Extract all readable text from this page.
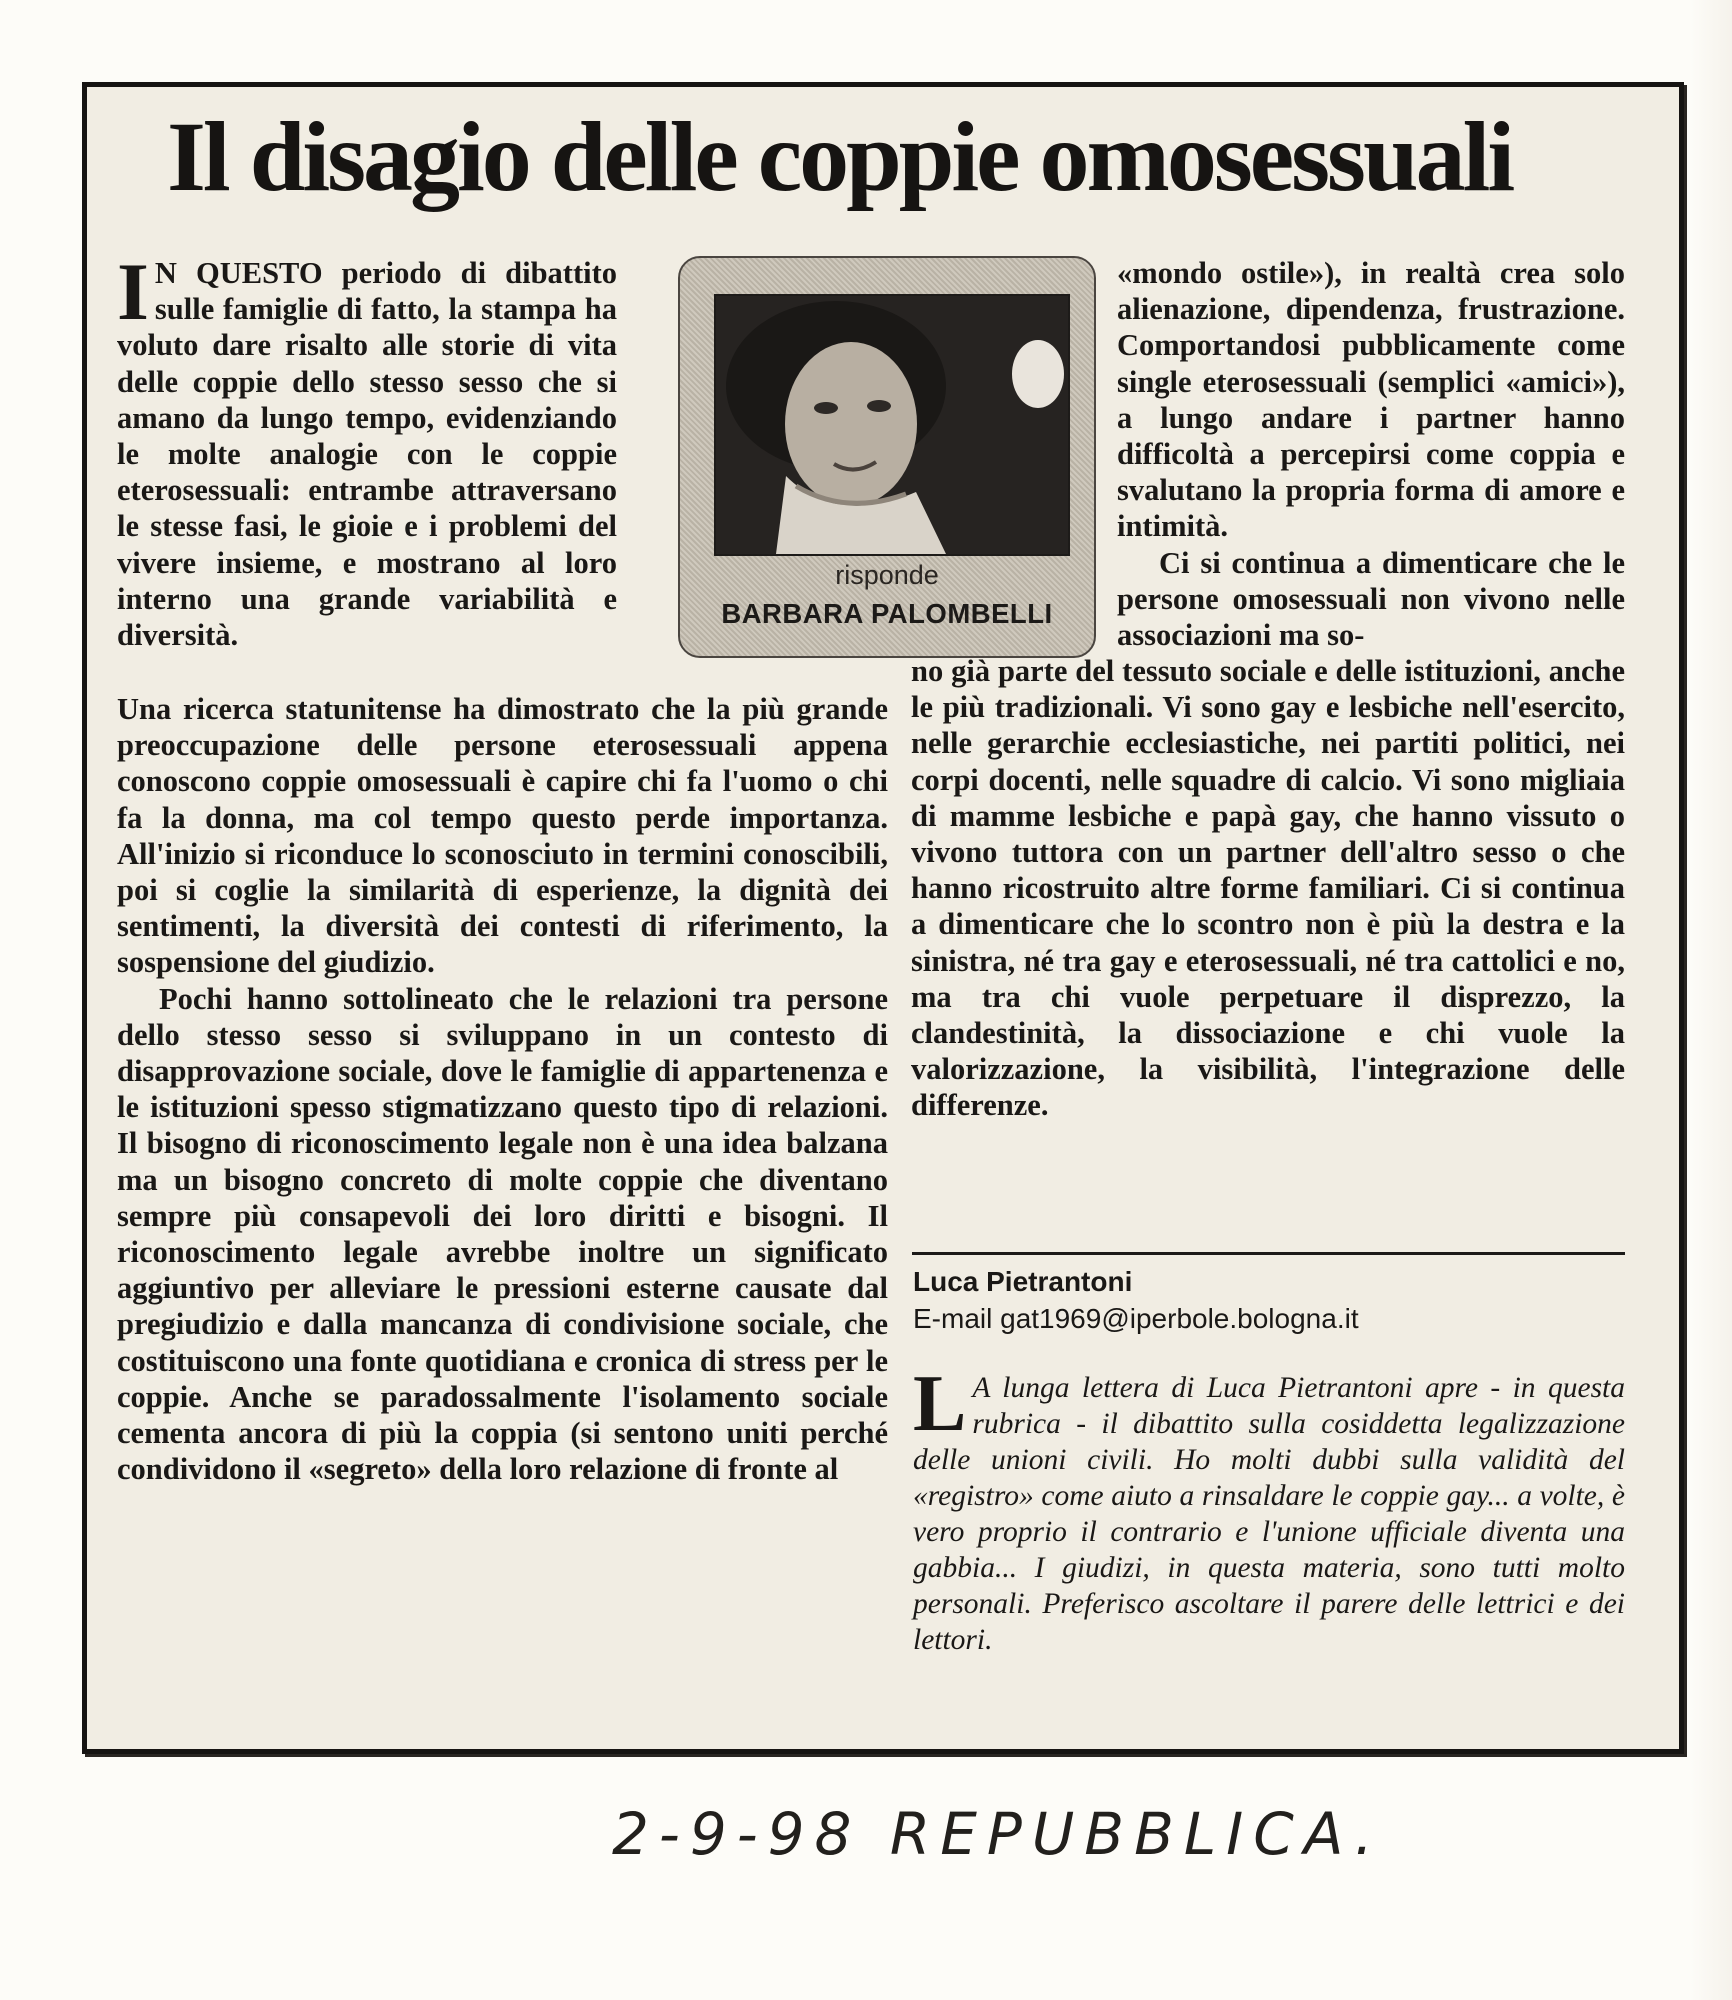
Il disagio delle coppie omosessuali

I N QUESTO periodo di dibattito sulle famiglie di fatto, la stampa ha voluto dare risalto alle storie di vita delle coppie dello stesso sesso che si amano da lungo tempo, evidenziando le molte analogie con le coppie eterosessuali: entrambe attraversano le stesse fasi, le gioie e i problemi del vivere insieme, e mostrano al loro interno una grande variabilità e diversità.

risponde
BARBARA PALOMBELLI

«mondo ostile»), in realtà crea solo alienazione, dipendenza, frustrazione. Comportandosi pubblicamente come single eterosessuali (semplici «amici»), a lungo andare i partner hanno difficoltà a percepirsi come coppia e svalutano la propria forma di amore e intimità.

Ci si continua a dimenticare che le persone omosessuali non vivono nelle associazioni ma so-

Una ricerca statunitense ha dimostrato che la più grande preoccupazione delle persone eterosessuali appena conoscono coppie omosessuali è capire chi fa l'uomo o chi fa la donna, ma col tempo questo perde importanza. All'inizio si riconduce lo sconosciuto in termini conoscibili, poi si coglie la similarità di esperienze, la dignità dei sentimenti, la diversità dei contesti di riferimento, la sospensione del giudizio.

Pochi hanno sottolineato che le relazioni tra persone dello stesso sesso si sviluppano in un contesto di disapprovazione sociale, dove le famiglie di appartenenza e le istituzioni spesso stigmatizzano questo tipo di relazioni. Il bisogno di riconoscimento legale non è una idea balzana ma un bisogno concreto di molte coppie che diventano sempre più consapevoli dei loro diritti e bisogni. Il riconoscimento legale avrebbe inoltre un significato aggiuntivo per alleviare le pressioni esterne causate dal pregiudizio e dalla mancanza di condivisione sociale, che costituiscono una fonte quotidiana e cronica di stress per le coppie. Anche se paradossalmente l'isolamento sociale cementa ancora di più la coppia (si sentono uniti perché condividono il «segreto» della loro relazione di fronte al

no già parte del tessuto sociale e delle istituzioni, anche le più tradizionali. Vi sono gay e lesbiche nell'esercito, nelle gerarchie ecclesiastiche, nei partiti politici, nei corpi docenti, nelle squadre di calcio. Vi sono migliaia di mamme lesbiche e papà gay, che hanno vissuto o vivono tuttora con un partner dell'altro sesso o che hanno ricostruito altre forme familiari. Ci si continua a dimenticare che lo scontro non è più la destra e la sinistra, né tra gay e eterosessuali, né tra cattolici e no, ma tra chi vuole perpetuare il disprezzo, la clandestinità, la dissociazione e chi vuole la valorizzazione, la visibilità, l'integrazione delle differenze.

Luca Pietrantoni
E-mail gat1969@iperbole.bologna.it
L A lunga lettera di Luca Pietrantoni apre - in questa rubrica - il dibattito sulla cosiddetta legalizzazione delle unioni civili. Ho molti dubbi sulla validità del «registro» come aiuto a rinsaldare le coppie gay... a volte, è vero proprio il contrario e l'unione ufficiale diventa una gabbia... I giudizi, in questa materia, sono tutti molto personali. Preferisco ascoltare il parere delle lettrici e dei lettori.
2-9-98 REPUBBLICA.
